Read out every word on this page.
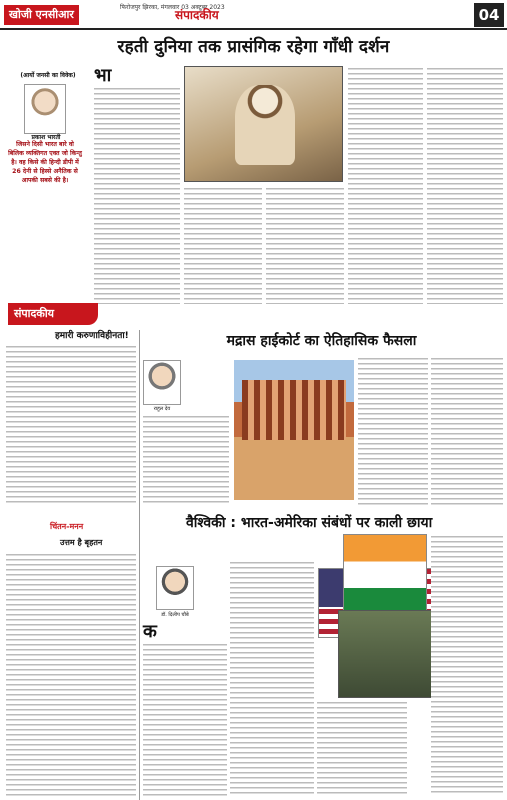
खोजी एनसीआर
फिरोजपुर झिरका, मंगलवार 03 अक्टूबर 2023
संपादकीय	04
रहती दुनिया तक प्रासंगिक रहेगा गाँधी दर्शन
भा
(आर्यो जनसी का विवेक)
प्रकाश भारती
जिसने दिसी भारत बारे वो बिलिक व्यक्तिगत एक्त जो किन्तु है। वह किसे की हिन्दी डीपी में 26 देनी से हिस्से अनैतिक से आपकी सबसे की है।
संपादकीय
हमारी करुणाविहीनता!	मद्रास हाईकोर्ट का ऐतिहासिक फैसला
राहुल देव
चिंतन-मनन
उत्तम है बृहतन
वैश्विकी : भारत-अमेरिका संबंधों पर काली छाया
डॉ. दिलीप चौबे
क
